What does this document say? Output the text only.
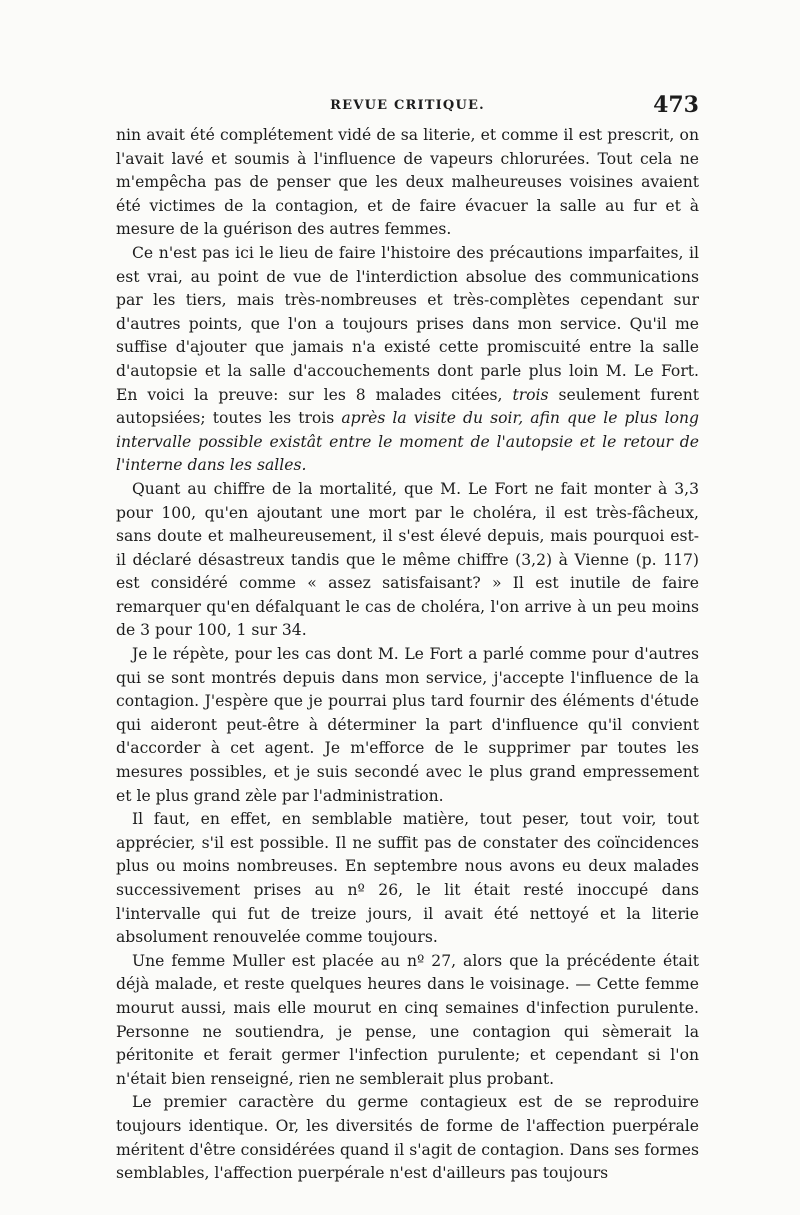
REVUE CRITIQUE.	473

nin avait été complétement vidé de sa literie, et comme il est prescrit, on l'avait lavé et soumis à l'influence de vapeurs chlorurées. Tout cela ne m'empêcha pas de penser que les deux malheureuses voisines avaient été victimes de la contagion, et de faire évacuer la salle au fur et à mesure de la guérison des autres femmes.

Ce n'est pas ici le lieu de faire l'histoire des précautions imparfaites, il est vrai, au point de vue de l'interdiction absolue des communications par les tiers, mais très-nombreuses et très-complètes cependant sur d'autres points, que l'on a toujours prises dans mon service. Qu'il me suffise d'ajouter que jamais n'a existé cette promiscuité entre la salle d'autopsie et la salle d'accouchements dont parle plus loin M. Le Fort. En voici la preuve: sur les 8 malades citées, trois seulement furent autopsiées; toutes les trois après la visite du soir, afin que le plus long intervalle possible existât entre le moment de l'autopsie et le retour de l'interne dans les salles.

Quant au chiffre de la mortalité, que M. Le Fort ne fait monter à 3,3 pour 100, qu'en ajoutant une mort par le choléra, il est très-fâcheux, sans doute et malheureusement, il s'est élevé depuis, mais pourquoi est-il déclaré désastreux tandis que le même chiffre (3,2) à Vienne (p. 117) est considéré comme « assez satisfaisant? » Il est inutile de faire remarquer qu'en défalquant le cas de choléra, l'on arrive à un peu moins de 3 pour 100, 1 sur 34.

Je le répète, pour les cas dont M. Le Fort a parlé comme pour d'autres qui se sont montrés depuis dans mon service, j'accepte l'influence de la contagion. J'espère que je pourrai plus tard fournir des éléments d'étude qui aideront peut-être à déterminer la part d'influence qu'il convient d'accorder à cet agent. Je m'efforce de le supprimer par toutes les mesures possibles, et je suis secondé avec le plus grand empressement et le plus grand zèle par l'administration.

Il faut, en effet, en semblable matière, tout peser, tout voir, tout apprécier, s'il est possible. Il ne suffit pas de constater des coïncidences plus ou moins nombreuses. En septembre nous avons eu deux malades successivement prises au nº 26, le lit était resté inoccupé dans l'intervalle qui fut de treize jours, il avait été nettoyé et la literie absolument renouvelée comme toujours.

Une femme Muller est placée au nº 27, alors que la précédente était déjà malade, et reste quelques heures dans le voisinage. — Cette femme mourut aussi, mais elle mourut en cinq semaines d'infection purulente. Personne ne soutiendra, je pense, une contagion qui sèmerait la péritonite et ferait germer l'infection purulente; et cependant si l'on n'était bien renseigné, rien ne semblerait plus probant.

Le premier caractère du germe contagieux est de se reproduire toujours identique. Or, les diversités de forme de l'affection puerpérale méritent d'être considérées quand il s'agit de contagion. Dans ses formes semblables, l'affection puerpérale n'est d'ailleurs pas toujours
